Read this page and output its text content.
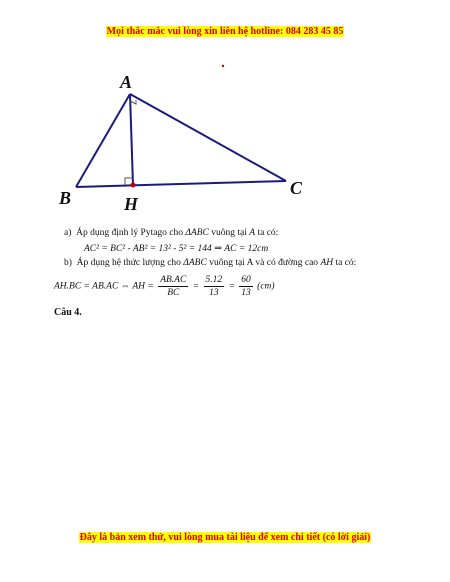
Mọi thắc mắc vui lòng xin liên hệ hotline: 084 283 45 85
A
B	C
H
a) Áp dụng định lý Pytago cho ΔABC vuông tại A ta có:
AC² = BC² - AB² = 13² - 5² = 144 ⇒ AC = 12cm
b) Áp dụng hệ thức lượng cho ΔABC vuông tại A và có đường cao AH ta có:
AH.BC = AB.AC ⇔ AH = $\frac{AB.AC}{BC} = \frac{5.12}{13} = \frac{60}{13} (cm)$
Câu 4.
Đây là bản xem thử, vui lòng mua tài liệu để xem chi tiết (có lời giải)
